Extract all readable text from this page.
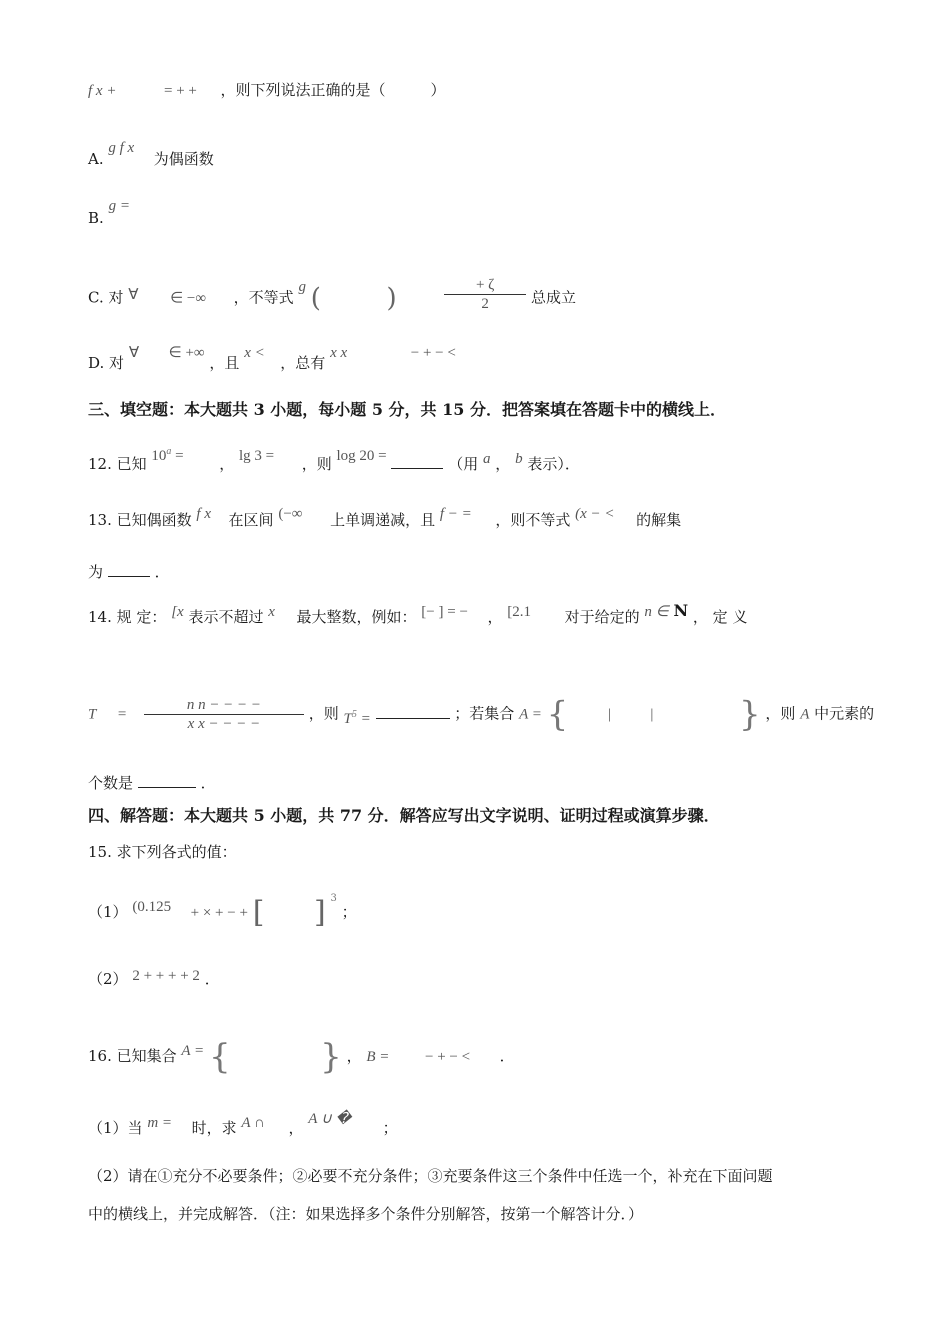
f x +	= + + ，则下列说法正确的是（　　　）
A. g f x  为偶函数
B. g =
C. 对 ∀ ∈ −∞ ，不等式 g (	)	$\frac{+ \zeta}{2}$ 总成立
D. 对 ∀ ∈ +∞ ，且 x <  ，总有 x x	− + − <
三、填空题：本大题共 3 小题，每小题 5 分，共 15 分．把答案填在答题卡中的横线上．
12. 已知 $10^a$ = ， lg 3 = ，则 log 20 =	（用 a ， b 表示）．
13. 已知偶函数 f x 在区间 (−∞ 上单调递减，且 f − = ，则不等式 (x − < 的解集
为	．
14. 规 定： [x 表示不超过 x 最大整数，例如： [− ] = − ， [2.1 对于给定的 n ∈ N ， 定 义
$T = \frac{\text{n n − − − −}}{\text{x x − − − −}}$ ，则 $T^5$ =	；若集合 A = {	|	|	} ，则 A 中元素的
个数是	．
四、解答题：本大题共 5 小题，共 77 分．解答应写出文字说明、证明过程或演算步骤．
15. 求下列各式的值：
（1） (0.125 + × + − + [ ] $^3$ ；
（2） 2 + + + + 2 ．
16. 已知集合 A = {	} ， B = − + − < ．
（1）当 m = 时，求 A ∩ ， A ∪ � ；
（2）请在①充分不必要条件；②必要不充分条件；③充要条件这三个条件中任选一个，补充在下面问题
中的横线上，并完成解答．（注：如果选择多个条件分别解答，按第一个解答计分．）
